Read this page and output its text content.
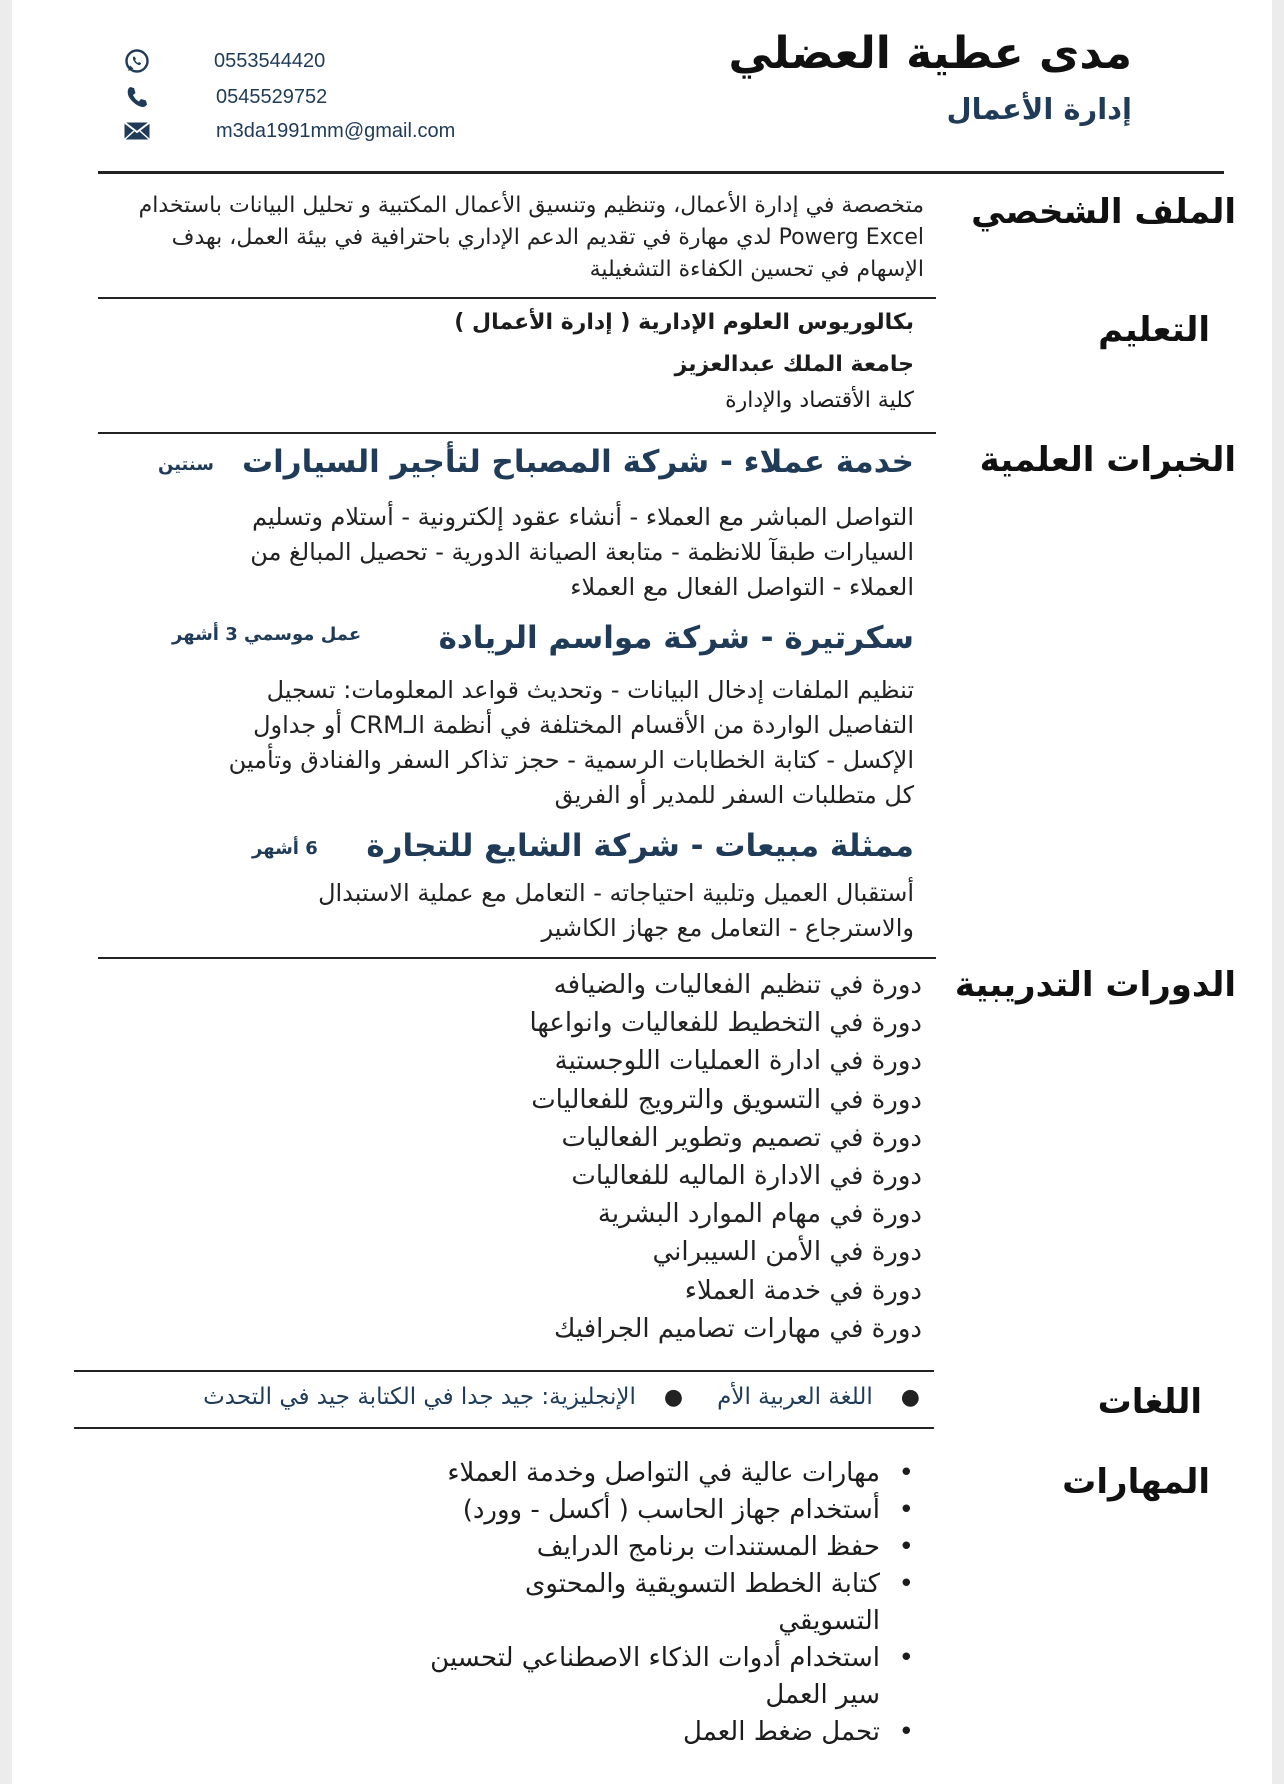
مدى عطية العضلي
إدارة الأعمال
0553544420
0545529752
m3da1991mm@gmail.com
الملف الشخصي
متخصصة في إدارة الأعمال، وتنظيم وتنسيق الأعمال المكتبية و تحليل البيانات باستخدام
Powerg Excel لدي مهارة في تقديم الدعم الإداري باحترافية في بيئة العمل، بهدف
الإسهام في تحسين الكفاءة التشغيلية
التعليم
بكالوريوس العلوم الإدارية ( إدارة الأعمال )
جامعة الملك عبدالعزيز
كلية الأقتصاد والإدارة
الخبرات العلمية
خدمة عملاء - شركة المصباح لتأجير السيارات
سنتين
التواصل المباشر مع العملاء - أنشاء عقود إلكترونية - أستلام وتسليم
السيارات طبقآ للانظمة - متابعة الصيانة الدورية - تحصيل المبالغ من
العملاء - التواصل الفعال مع العملاء
سكرتيرة - شركة مواسم الريادة
عمل موسمي 3 أشهر
تنظيم الملفات إدخال البيانات - وتحديث قواعد المعلومات: تسجيل
التفاصيل الواردة من الأقسام المختلفة في أنظمة الـCRM أو جداول
الإكسل - كتابة الخطابات الرسمية - حجز تذاكر السفر والفنادق وتأمين
كل متطلبات السفر للمدير أو الفريق
ممثلة مبيعات - شركة الشايع للتجارة
6 أشهر
أستقبال العميل وتلبية احتياجاته - التعامل مع عملية الاستبدال
والاسترجاع - التعامل مع جهاز الكاشير
الدورات التدريبية
دورة في تنظيم الفعاليات والضيافه
دورة في التخطيط للفعاليات وانواعها
دورة في ادارة العمليات اللوجستية
دورة في التسويق والترويج للفعاليات
دورة في تصميم وتطوير الفعاليات
دورة في الادارة الماليه للفعاليات
دورة في مهام الموارد البشرية
دورة في الأمن السيبراني
دورة في خدمة العملاء
دورة في مهارات تصاميم الجرافيك
اللغات
●
اللغة العربية الأم
●
الإنجليزية: جيد جدا في الكتابة جيد في التحدث
المهارات
• مهارات عالية في التواصل وخدمة العملاء
• أستخدام جهاز الحاسب ( أكسل - وورد)
• حفظ المستندات برنامج الدرايف
• كتابة الخطط التسويقية والمحتوى التسويقي
• استخدام أدوات الذكاء الاصطناعي لتحسين سير العمل
• تحمل ضغط العمل
